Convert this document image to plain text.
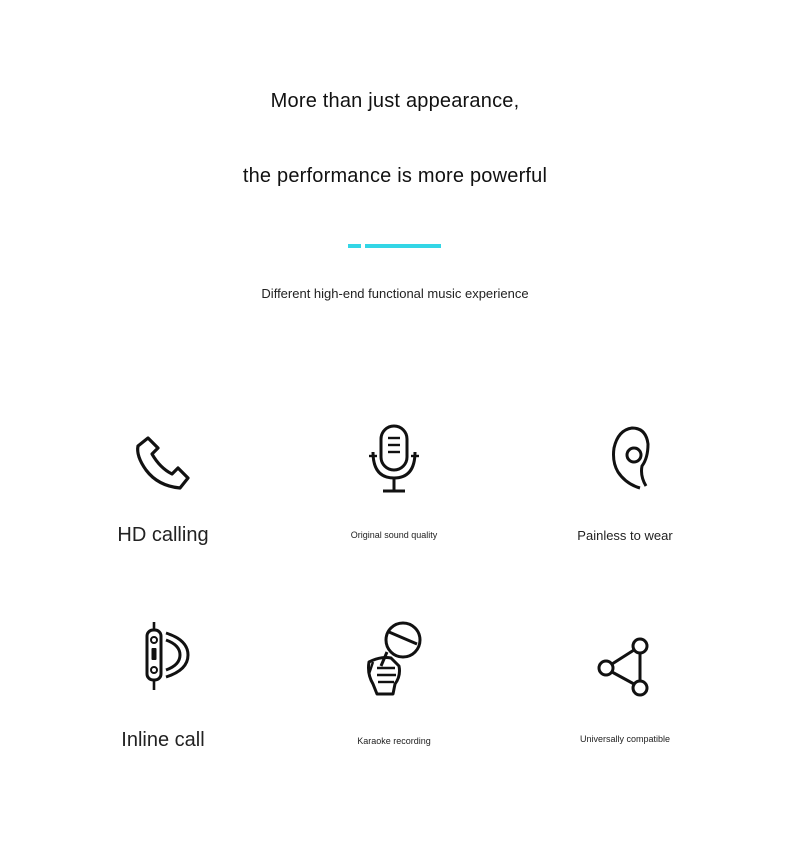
More than just appearance,
the performance is more powerful
Different high-end functional music experience
HD calling	Original sound quality	Painless to wear
Inline call	Karaoke recording	Universally compatible
